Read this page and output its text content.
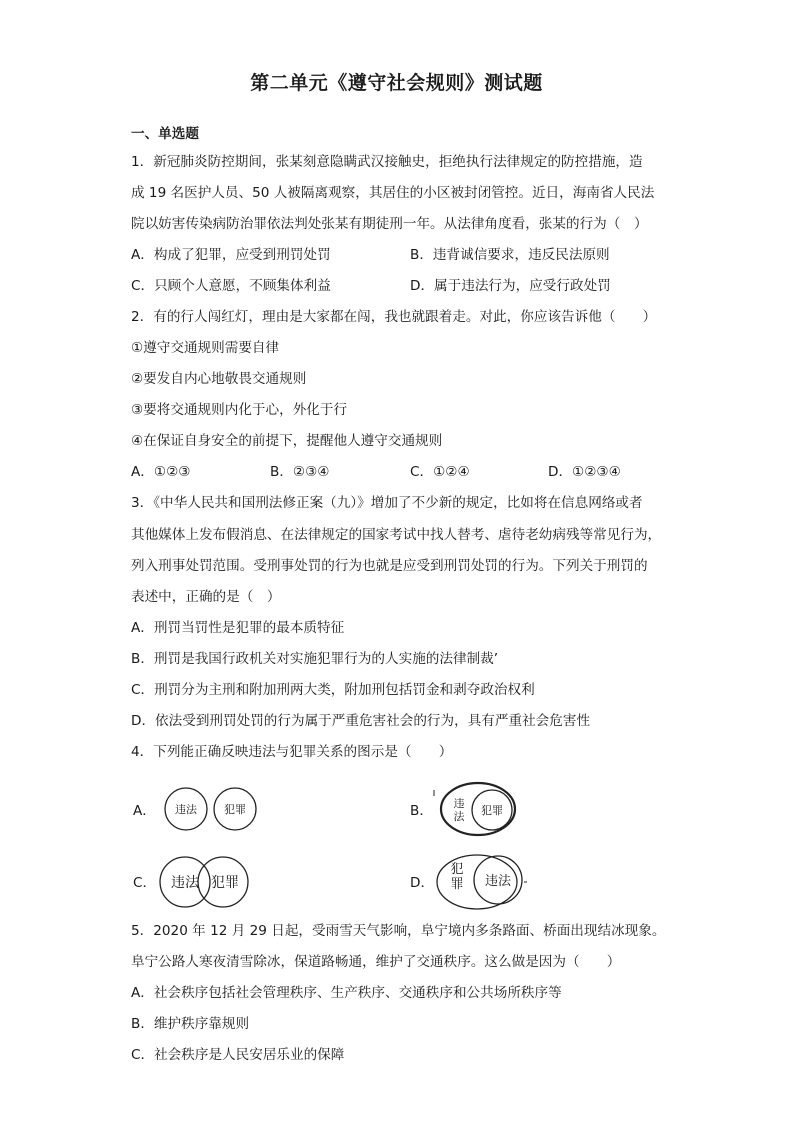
第二单元《遵守社会规则》测试题
一、单选题
1．新冠肺炎防控期间，张某刻意隐瞒武汉接触史，拒绝执行法律规定的防控措施，造
成 19 名医护人员、50 人被隔离观察，其居住的小区被封闭管控。近日，海南省人民法
院以妨害传染病防治罪依法判处张某有期徒刑一年。从法律角度看，张某的行为（　）
A．构成了犯罪，应受到刑罚处罚	B．违背诚信要求，违反民法原则
C．只顾个人意愿，不顾集体利益	D．属于违法行为，应受行政处罚
2．有的行人闯红灯，理由是大家都在闯，我也就跟着走。对此，你应该告诉他（　　）
①遵守交通规则需要自律
②要发自内心地敬畏交通规则
③要将交通规则内化于心，外化于行
④在保证自身安全的前提下，提醒他人遵守交通规则
A．①②③	B．②③④	C．①②④	D．①②③④
3．《中华人民共和国刑法修正案（九）》增加了不少新的规定，比如将在信息网络或者
其他媒体上发布假消息、在法律规定的国家考试中找人替考、虐待老幼病残等常见行为，
列入刑事处罚范围。受刑事处罚的行为也就是应受到刑罚处罚的行为。下列关于刑罚的
表述中，正确的是（　）
A．刑罚当罚性是犯罪的最本质特征
B．刑罚是我国行政机关对实施犯罪行为的人实施的法律制裁’
C．刑罚分为主刑和附加刑两大类，附加刑包括罚金和剥夺政治权利
D．依法受到刑罚处罚的行为属于严重危害社会的行为，具有严重社会危害性
4．下列能正确反映违法与犯罪关系的图示是（　　）
A． 违法 犯罪	B． 违
法 犯罪
C． 违法 犯罪	D．
犯
罪 违法
5．2020 年 12 月 29 日起，受雨雪天气影响，阜宁境内多条路面、桥面出现结冰现象。
阜宁公路人寒夜清雪除冰，保道路畅通，维护了交通秩序。这么做是因为（　　）
A．社会秩序包括社会管理秩序、生产秩序、交通秩序和公共场所秩序等
B．维护秩序靠规则
C．社会秩序是人民安居乐业的保障
